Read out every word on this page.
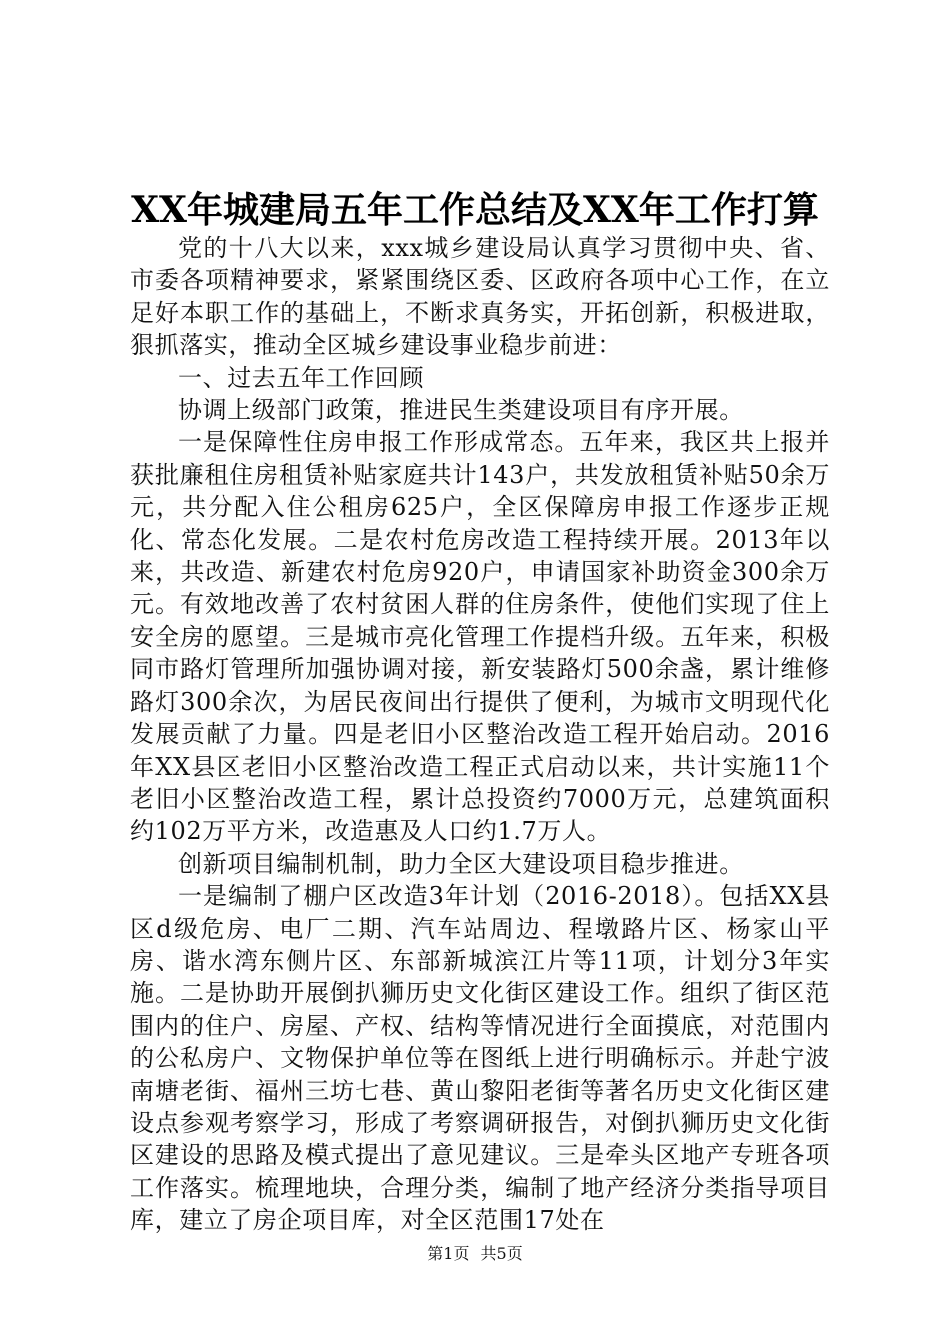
XX年城建局五年工作总结及XX年工作打算

党的十八大以来，xxx城乡建设局认真学习贯彻中央、省、市委各项精神要求，紧紧围绕区委、区政府各项中心工作，在立足好本职工作的基础上，不断求真务实，开拓创新，积极进取，狠抓落实，推动全区城乡建设事业稳步前进：

一、过去五年工作回顾

协调上级部门政策，推进民生类建设项目有序开展。

一是保障性住房申报工作形成常态。五年来，我区共上报并获批廉租住房租赁补贴家庭共计143户，共发放租赁补贴50余万元，共分配入住公租房625户，全区保障房申报工作逐步正规化、常态化发展。二是农村危房改造工程持续开展。2013年以来，共改造、新建农村危房920户，申请国家补助资金300余万元。有效地改善了农村贫困人群的住房条件，使他们实现了住上安全房的愿望。三是城市亮化管理工作提档升级。五年来，积极同市路灯管理所加强协调对接，新安装路灯500余盏，累计维修路灯300余次，为居民夜间出行提供了便利，为城市文明现代化发展贡献了力量。四是老旧小区整治改造工程开始启动。2016年XX县区老旧小区整治改造工程正式启动以来，共计实施11个老旧小区整治改造工程，累计总投资约7000万元，总建筑面积约102万平方米，改造惠及人口约1.7万人。

创新项目编制机制，助力全区大建设项目稳步推进。

一是编制了棚户区改造3年计划（2016-2018）。包括XX县区d级危房、电厂二期、汽车站周边、程墩路片区、杨家山平房、谐水湾东侧片区、东部新城滨江片等11项，计划分3年实施。二是协助开展倒扒狮历史文化街区建设工作。组织了街区范围内的住户、房屋、产权、结构等情况进行全面摸底，对范围内的公私房户、文物保护单位等在图纸上进行明确标示。并赴宁波南塘老街、福州三坊七巷、黄山黎阳老街等著名历史文化街区建设点参观考察学习，形成了考察调研报告，对倒扒狮历史文化街区建设的思路及模式提出了意见建议。三是牵头区地产专班各项工作落实。梳理地块，合理分类，编制了地产经济分类指导项目库，建立了房企项目库，对全区范围17处在

第1页 共5页
